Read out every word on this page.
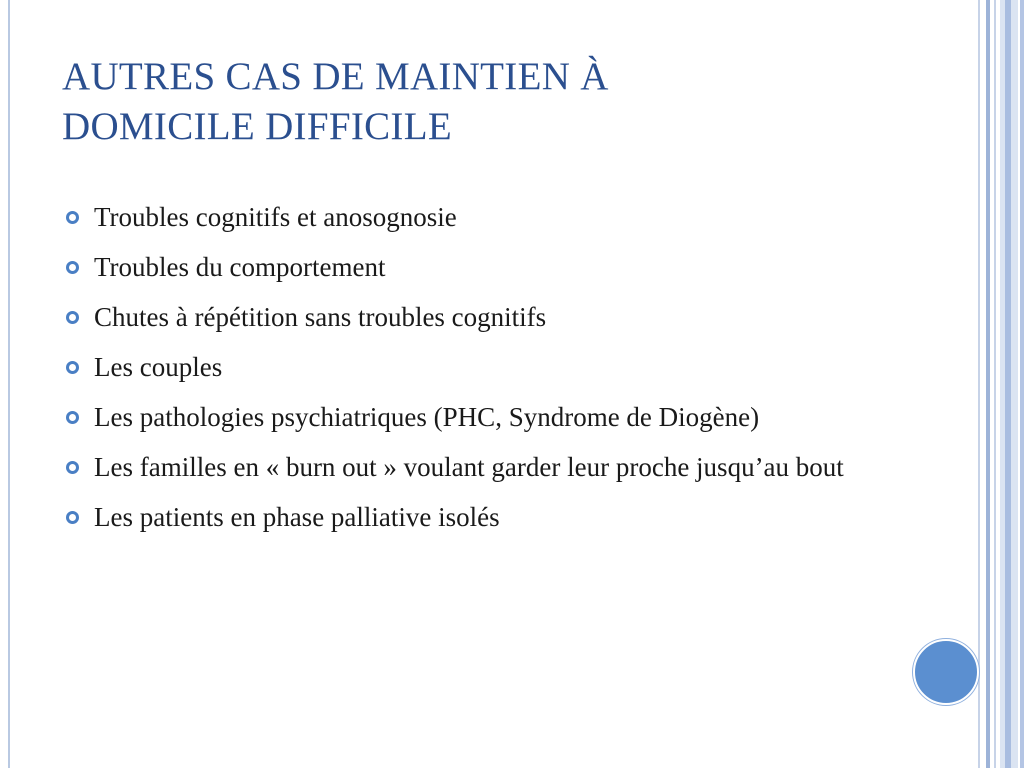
AUTRES CAS DE MAINTIEN À
DOMICILE DIFFICILE
Troubles cognitifs et anosognosie
Troubles du comportement
Chutes à répétition sans troubles cognitifs
Les couples
Les pathologies psychiatriques (PHC, Syndrome de Diogène)
Les familles en « burn out » voulant garder leur proche jusqu’au bout
Les patients en phase palliative isolés
